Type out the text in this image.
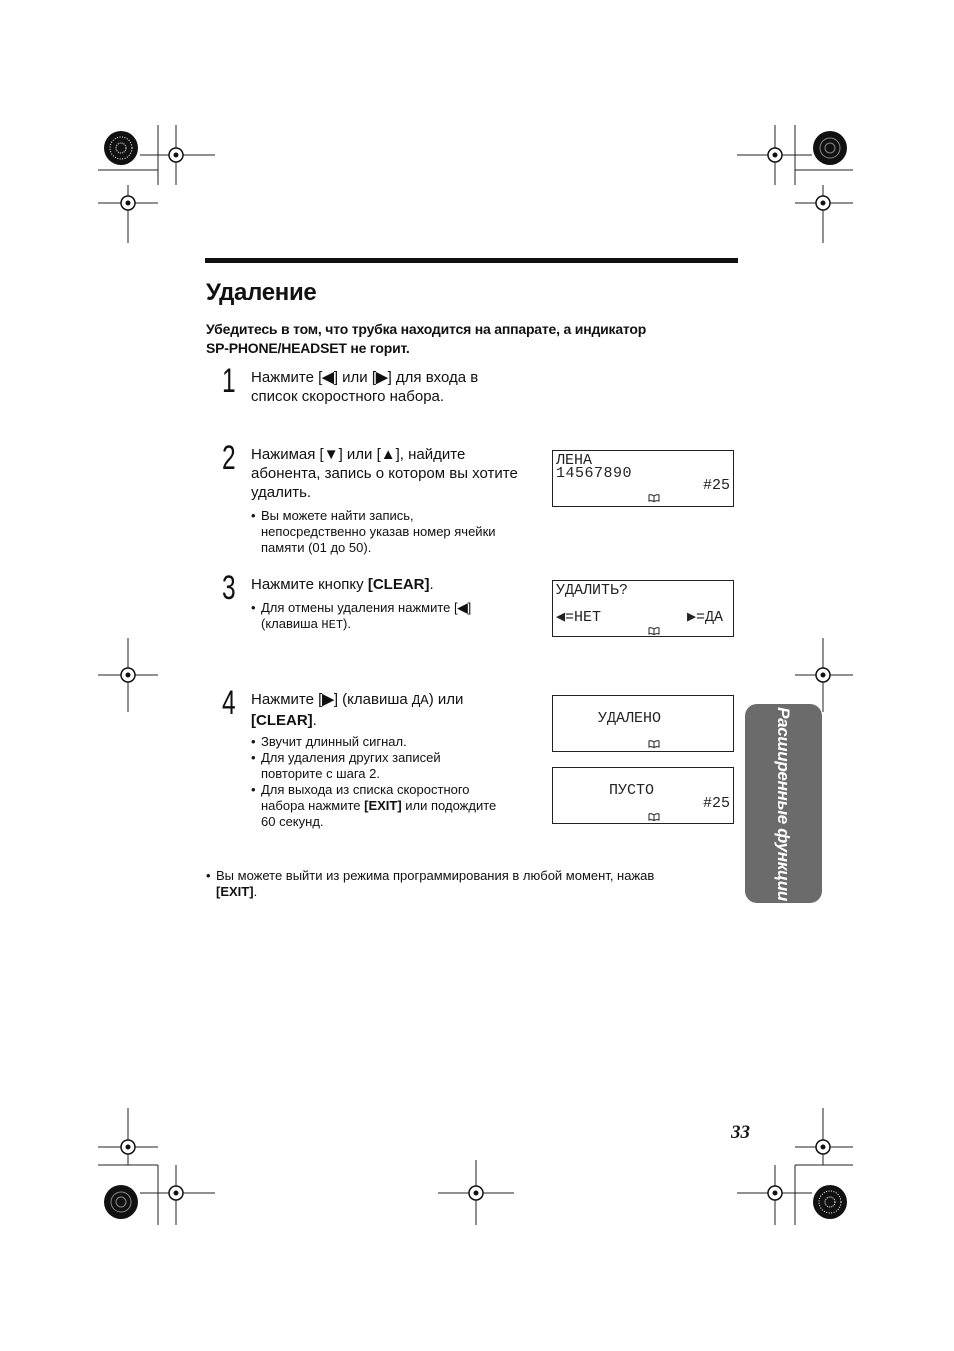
Удаление
Убедитесь в том, что трубка находится на аппарате, а индикатор
SP-PHONE/HEADSET не горит.
1 Нажмите [◀] или [▶] для входа в
список скоростного набора.
2 Нажимая [▼] или [▲], найдите
абонента, запись о котором вы хотите
удалить.
• Вы можете найти запись,
непосредственно указав номер ячейки
памяти (01 до 50).
3 Нажмите кнопку [CLEAR].
• Для отмены удаления нажмите [◀]
(клавиша НЕТ).
4 Нажмите [▶] (клавиша ДА) или
[CLEAR].
• Звучит длинный сигнал.
• Для удаления других записей
повторите с шага 2.
• Для выхода из списка скоростного
набора нажмите [EXIT] или подождите
60 секунд.
ЛЕНА
14567890
#25
УДАЛИТЬ?
◀=НЕТ	▶=ДА
УДАЛЕНО
ПУСТО
#25
• Вы можете выйти из режима программирования в любой момент, нажав
[EXIT].	Расширенные функции
33
